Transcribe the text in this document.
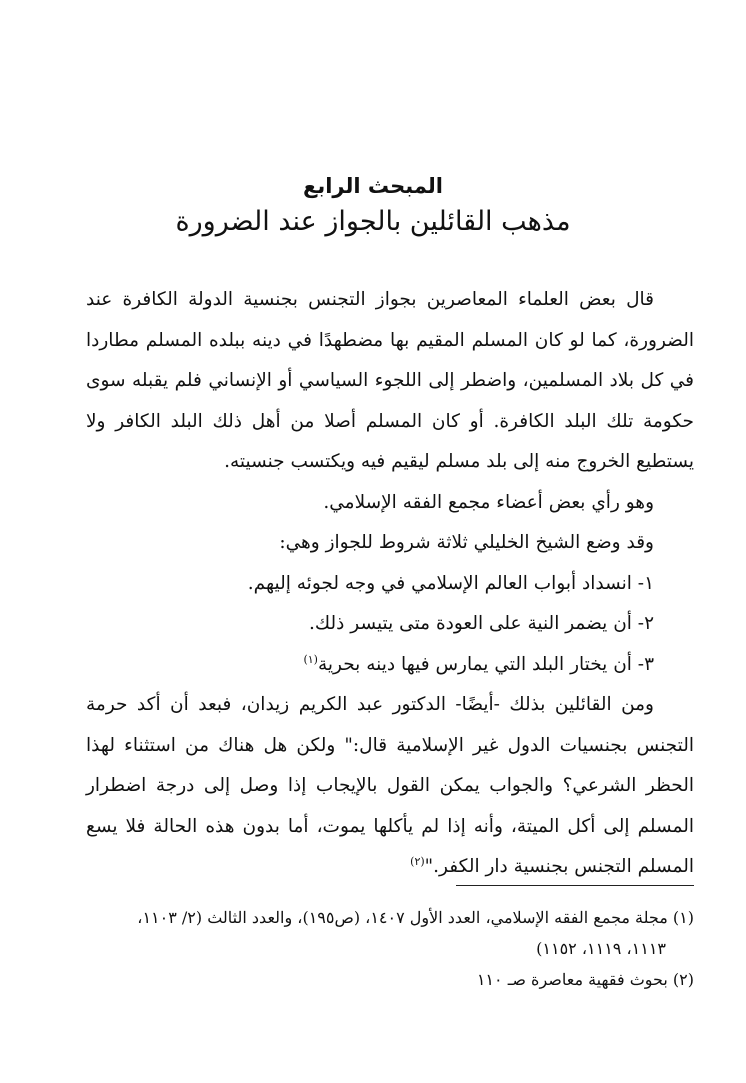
المبحث الرابع
مذهب القائلين بالجواز عند الضرورة

قال بعض العلماء المعاصرين بجواز التجنس بجنسية الدولة الكافرة عند الضرورة، كما لو كان المسلم المقيم بها مضطهدًا في دينه ببلده المسلم مطاردا في كل بلاد المسلمين، واضطر إلى اللجوء السياسي أو الإنساني فلم يقبله سوى حكومة تلك البلد الكافرة. أو كان المسلم أصلا من أهل ذلك البلد الكافر ولا يستطيع الخروج منه إلى بلد مسلم ليقيم فيه ويكتسب جنسيته.

وهو رأي بعض أعضاء مجمع الفقه الإسلامي.

وقد وضع الشيخ الخليلي ثلاثة شروط للجواز وهي:

١- انسداد أبواب العالم الإسلامي في وجه لجوئه إليهم.

٢- أن يضمر النية على العودة متى يتيسر ذلك.

٣- أن يختار البلد التي يمارس فيها دينه بحرية$^{(١)}$

ومن القائلين بذلك -أيضًا- الدكتور عبد الكريم زيدان، فبعد أن أكد حرمة التجنس بجنسيات الدول غير الإسلامية قال:" ولكن هل هناك من استثناء لهذا الحظر الشرعي؟ والجواب يمكن القول بالإيجاب إذا وصل إلى درجة اضطرار المسلم إلى أكل الميتة، وأنه إذا لم يأكلها يموت، أما بدون هذه الحالة فلا يسع المسلم التجنس بجنسية دار الكفر."$^{(٢)}$

(١) مجلة مجمع الفقه الإسلامي، العدد الأول ١٤٠٧، (ص١٩٥)، والعدد الثالث (٢/ ١١٠٣،

١١١٣، ١١١٩، ١١٥٢)

(٢) بحوث فقهية معاصرة صـ ١١٠
